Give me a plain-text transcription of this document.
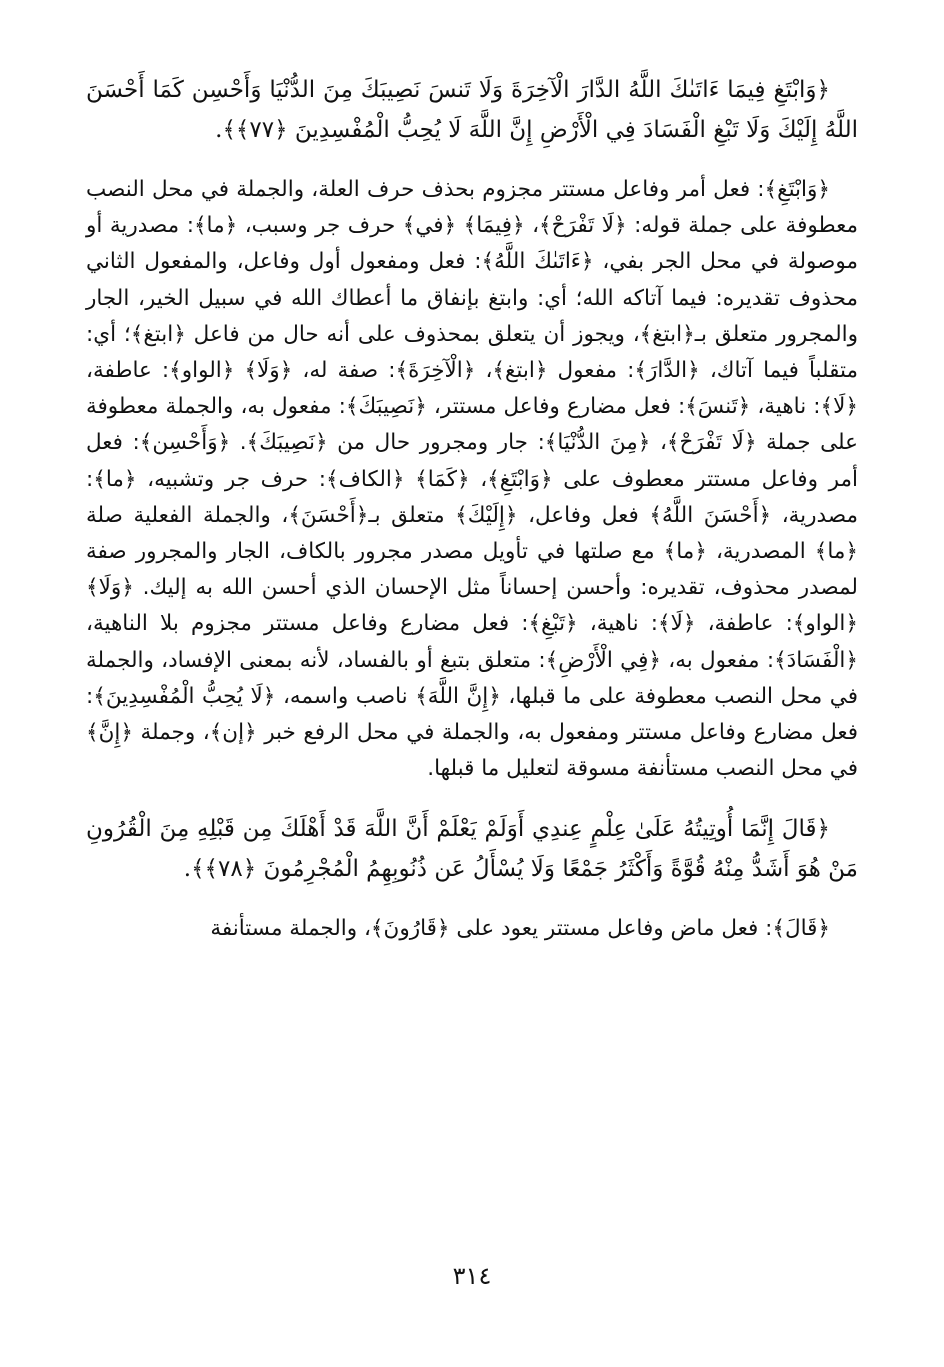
﴿وَابْتَغِ فِيمَا ءَاتَىٰكَ اللَّهُ الدَّارَ الْآخِرَةَ وَلَا تَنسَ نَصِيبَكَ مِنَ الدُّنْيَا وَأَحْسِن كَمَا أَحْسَنَ اللَّهُ إِلَيْكَ وَلَا تَبْغِ الْفَسَادَ فِي الْأَرْضِ إِنَّ اللَّهَ لَا يُحِبُّ الْمُفْسِدِينَ ﴿٧٧﴾﴾.

﴿وَابْتَغِ﴾: فعل أمر وفاعل مستتر مجزوم بحذف حرف العلة، والجملة في محل النصب معطوفة على جملة قوله: ﴿لَا تَفْرَحْ﴾، ﴿فِيمَا﴾ ﴿في﴾ حرف جر وسبب، ﴿ما﴾: مصدرية أو موصولة في محل الجر بفي، ﴿ءَاتَىٰكَ اللَّهُ﴾: فعل ومفعول أول وفاعل، والمفعول الثاني محذوف تقديره: فيما آتاكه الله؛ أي: وابتغ بإنفاق ما أعطاك الله في سبيل الخير، الجار والمجرور متعلق بـ﴿ابتغ﴾، ويجوز أن يتعلق بمحذوف على أنه حال من فاعل ﴿ابتغ﴾؛ أي: متقلباً فيما آتاك، ﴿الدَّارَ﴾: مفعول ﴿ابتغ﴾، ﴿الْآخِرَةَ﴾: صفة له، ﴿وَلَا﴾ ﴿الواو﴾: عاطفة، ﴿لَا﴾: ناهية، ﴿تَنسَ﴾: فعل مضارع وفاعل مستتر، ﴿نَصِيبَكَ﴾: مفعول به، والجملة معطوفة على جملة ﴿لَا تَفْرَحْ﴾، ﴿مِنَ الدُّنْيَا﴾: جار ومجرور حال من ﴿نَصِيبَكَ﴾. ﴿وَأَحْسِن﴾: فعل أمر وفاعل مستتر معطوف على ﴿وَابْتَغِ﴾، ﴿كَمَا﴾ ﴿الكاف﴾: حرف جر وتشبيه، ﴿ما﴾: مصدرية، ﴿أَحْسَنَ اللَّهُ﴾ فعل وفاعل، ﴿إِلَيْكَ﴾ متعلق بـ﴿أَحْسَنَ﴾، والجملة الفعلية صلة ﴿ما﴾ المصدرية، ﴿ما﴾ مع صلتها في تأويل مصدر مجرور بالكاف، الجار والمجرور صفة لمصدر محذوف، تقديره: وأحسن إحساناً مثل الإحسان الذي أحسن الله به إليك. ﴿وَلَا﴾ ﴿الواو﴾: عاطفة، ﴿لَا﴾: ناهية، ﴿تَبْغِ﴾: فعل مضارع وفاعل مستتر مجزوم بلا الناهية، ﴿الْفَسَادَ﴾: مفعول به، ﴿فِي الْأَرْضِ﴾: متعلق بتبغ أو بالفساد، لأنه بمعنى الإفساد، والجملة في محل النصب معطوفة على ما قبلها، ﴿إِنَّ اللَّهَ﴾ ناصب واسمه، ﴿لَا يُحِبُّ الْمُفْسِدِينَ﴾: فعل مضارع وفاعل مستتر ومفعول به، والجملة في محل الرفع خبر ﴿إن﴾، وجملة ﴿إِنَّ﴾ في محل النصب مستأنفة مسوقة لتعليل ما قبلها.

﴿قَالَ إِنَّمَا أُوتِيتُهُ عَلَىٰ عِلْمٍ عِندِي أَوَلَمْ يَعْلَمْ أَنَّ اللَّهَ قَدْ أَهْلَكَ مِن قَبْلِهِ مِنَ الْقُرُونِ مَنْ هُوَ أَشَدُّ مِنْهُ قُوَّةً وَأَكْثَرُ جَمْعًا وَلَا يُسْأَلُ عَن ذُنُوبِهِمُ الْمُجْرِمُونَ ﴿٧٨﴾﴾.

﴿قَالَ﴾: فعل ماض وفاعل مستتر يعود على ﴿قَارُونَ﴾، والجملة مستأنفة

٣١٤
